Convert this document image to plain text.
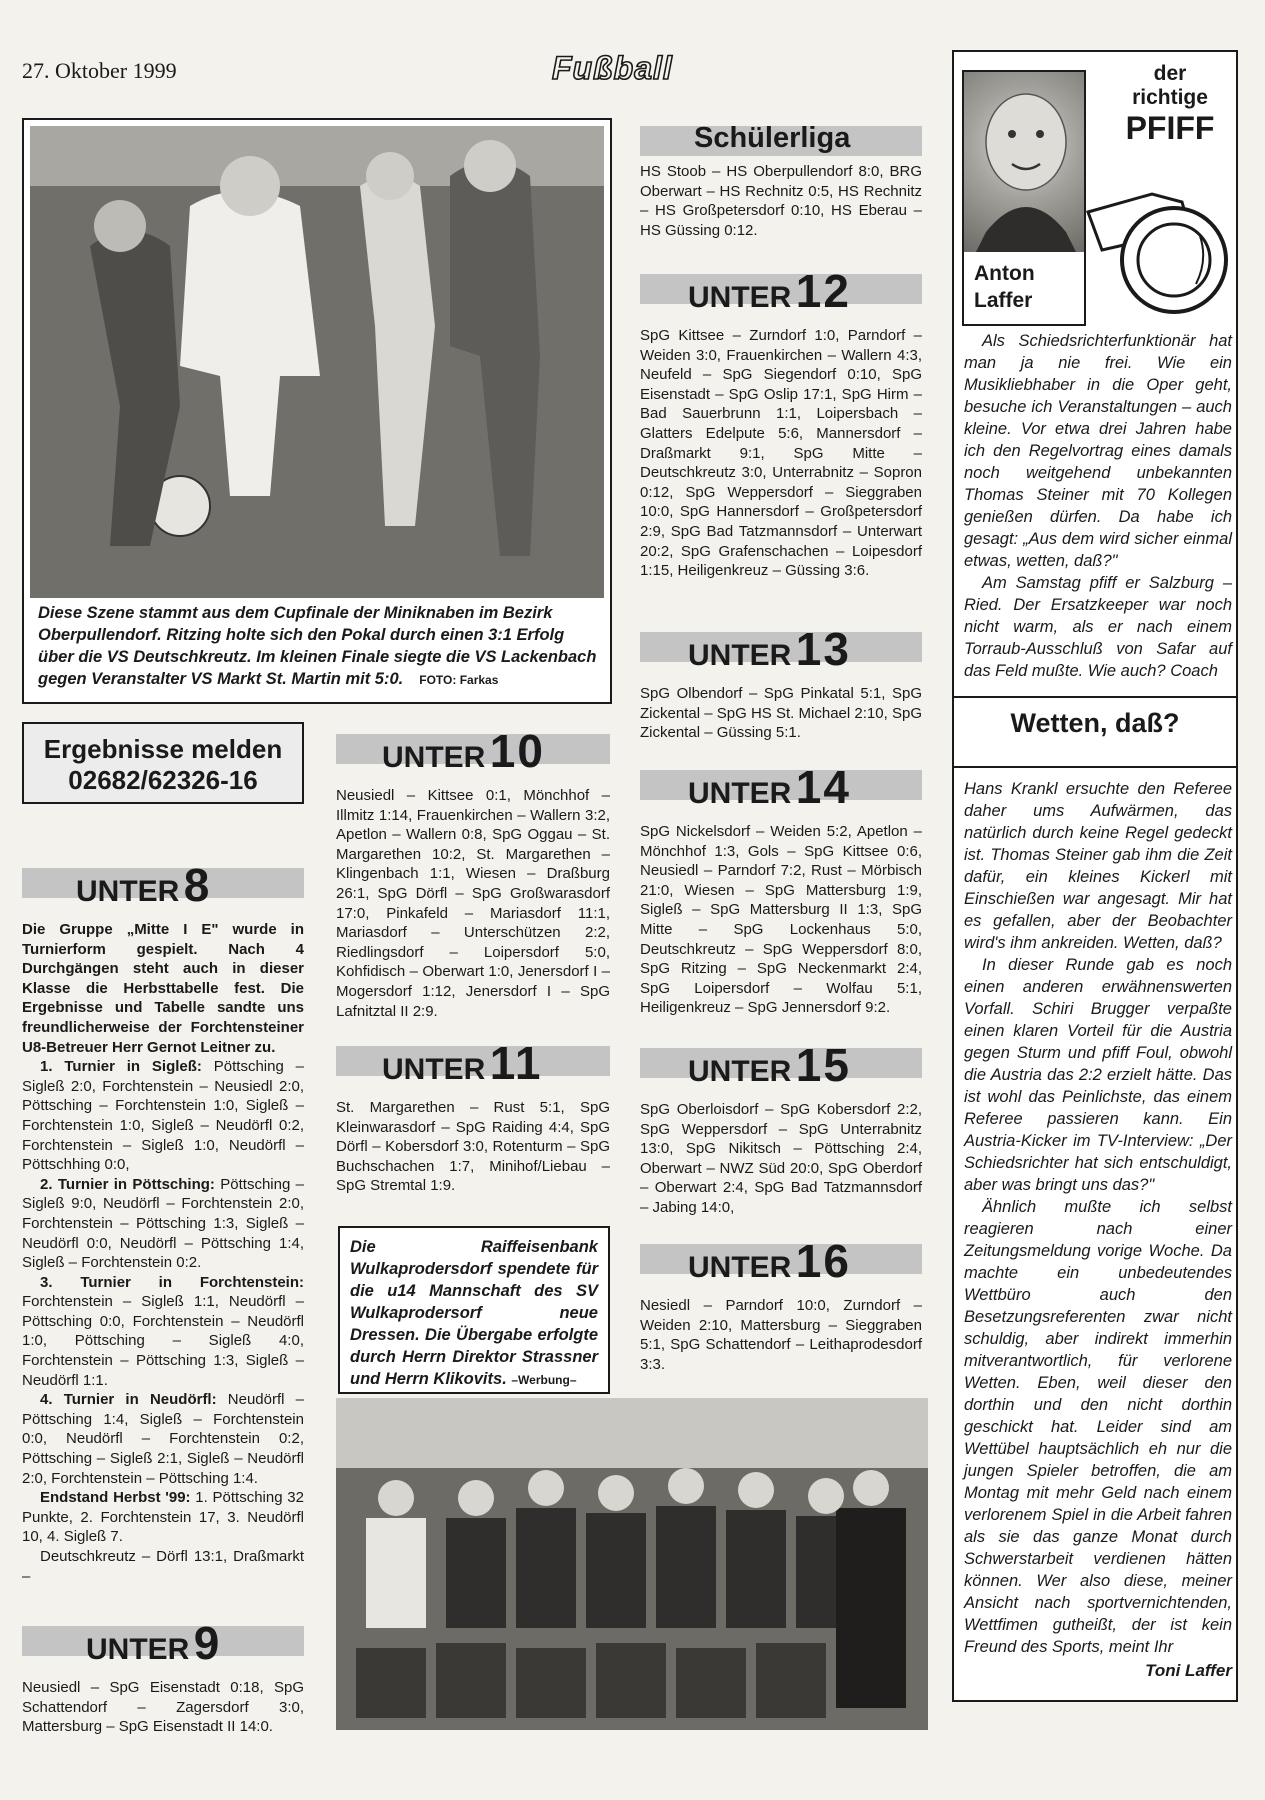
27. Oktober 1999	Fußball
Diese Szene stammt aus dem Cupfinale der Miniknaben im Bezirk Oberpullendorf. Ritzing holte sich den Pokal durch einen 3:1 Erfolg über die VS Deutschkreutz. Im kleinen Finale siegte die VS Lackenbach gegen Veranstalter VS Markt St. Martin mit 5:0. FOTO: Farkas
Ergebnisse melden
02682/62326-16
UNTER 8

Die Gruppe „Mitte I E" wurde in Turnierform gespielt. Nach 4 Durchgängen steht auch in dieser Klasse die Herbsttabelle fest. Die Ergebnisse und Tabelle sandte uns freundlicherweise der Forchtensteiner U8-Betreuer Herr Gernot Leitner zu.

1. Turnier in Sigleß: Pöttsching – Sigleß 2:0, Forchtenstein – Neusiedl 2:0, Pöttsching – Forchtenstein 1:0, Sigleß – Forchtenstein 1:0, Sigleß – Neudörfl 0:2, Forchtenstein – Sigleß 1:0, Neudörfl – Pöttschhing 0:0,

2. Turnier in Pöttsching: Pöttsching – Sigleß 9:0, Neudörfl – Forchtenstein 2:0, Forchtenstein – Pöttsching 1:3, Sigleß – Neudörfl 0:0, Neudörfl – Pöttsching 1:4, Sigleß – Forchtenstein 0:2.

3. Turnier in Forchtenstein: Forchtenstein – Sigleß 1:1, Neudörfl – Pöttsching 0:0, Forchtenstein – Neudörfl 1:0, Pöttsching – Sigleß 4:0, Forchtenstein – Pöttsching 1:3, Sigleß – Neudörfl 1:1.

4. Turnier in Neudörfl: Neudörfl – Pöttsching 1:4, Sigleß – Forchtenstein 0:0, Neudörfl – Forchtenstein 0:2, Pöttsching – Sigleß 2:1, Sigleß – Neudörfl 2:0, Forchtenstein – Pöttsching 1:4.

Endstand Herbst '99: 1. Pöttsching 32 Punkte, 2. Forchtenstein 17, 3. Neudörfl 10, 4. Sigleß 7.

Deutschkreutz – Dörfl 13:1, Draßmarkt –

UNTER 9
Neusiedl – SpG Eisenstadt 0:18, SpG Schattendorf – Zagersdorf 3:0, Mattersburg – SpG Eisenstadt II 14:0.
UNTER 10
Neusiedl – Kittsee 0:1, Mönchhof – Illmitz 1:14, Frauenkirchen – Wallern 3:2, Apetlon – Wallern 0:8, SpG Oggau – St. Margarethen 10:2, St. Margarethen – Klingenbach 1:1, Wiesen – Draßburg 26:1, SpG Dörfl – SpG Großwarasdorf 17:0, Pinkafeld – Mariasdorf 11:1, Mariasdorf – Unterschützen 2:2, Riedlingsdorf – Loipersdorf 5:0, Kohfidisch – Oberwart 1:0, Jenersdorf I – Mogersdorf 1:12, Jenersdorf I – SpG Lafnitztal II 2:9.
UNTER 11
St. Margarethen – Rust 5:1, SpG Kleinwarasdorf – SpG Raiding 4:4, SpG Dörfl – Kobersdorf 3:0, Rotenturm – SpG Buchschachen 1:7, Minihof/Liebau – SpG Stremtal 1:9.
Die Raiffeisenbank Wulkaprodersdorf spendete für die u14 Mannschaft des SV Wulkaprodersorf neue Dressen. Die Übergabe erfolgte durch Herrn Direktor Strassner und Herrn Klikovits. –Werbung–
Schülerliga
HS Stoob – HS Oberpullendorf 8:0, BRG Oberwart – HS Rechnitz 0:5, HS Rechnitz – HS Großpetersdorf 0:10, HS Eberau – HS Güssing 0:12.
UNTER 12
SpG Kittsee – Zurndorf 1:0, Parndorf – Weiden 3:0, Frauenkirchen – Wallern 4:3, Neufeld – SpG Siegendorf 0:10, SpG Eisenstadt – SpG Oslip 17:1, SpG Hirm – Bad Sauerbrunn 1:1, Loipersbach – Glatters Edelpute 5:6, Mannersdorf – Draßmarkt 9:1, SpG Mitte – Deutschkreutz 3:0, Unterrabnitz – Sopron 0:12, SpG Weppersdorf – Sieggraben 10:0, SpG Hannersdorf – Großpetersdorf 2:9, SpG Bad Tatzmannsdorf – Unterwart 20:2, SpG Grafenschachen – Loipesdorf 1:15, Heiligenkreuz – Güssing 3:6.
UNTER 13
SpG Olbendorf – SpG Pinkatal 5:1, SpG Zickental – SpG HS St. Michael 2:10, SpG Zickental – Güssing 5:1.
UNTER 14
SpG Nickelsdorf – Weiden 5:2, Apetlon – Mönchhof 1:3, Gols – SpG Kittsee 0:6, Neusiedl – Parndorf 7:2, Rust – Mörbisch 21:0, Wiesen – SpG Mattersburg 1:9, Sigleß – SpG Mattersburg II 1:3, SpG Mitte – SpG Lockenhaus 5:0, Deutschkreutz – SpG Weppersdorf 8:0, SpG Ritzing – SpG Neckenmarkt 2:4, SpG Loipersdorf – Wolfau 5:1, Heiligenkreuz – SpG Jennersdorf 9:2.
UNTER 15
SpG Oberloisdorf – SpG Kobersdorf 2:2, SpG Weppersdorf – SpG Unterrabnitz 13:0, SpG Nikitsch – Pöttsching 2:4, Oberwart – NWZ Süd 20:0, SpG Oberdorf – Oberwart 2:4, SpG Bad Tatzmannsdorf – Jabing 14:0,
UNTER 16
Nesiedl – Parndorf 10:0, Zurndorf – Weiden 2:10, Mattersburg – Sieggraben 5:1, SpG Schattendorf – Leithaprodesdorf 3:3.
Anton
Laffer
der
richtige
PFIFF

Als Schiedsrichterfunktionär hat man ja nie frei. Wie ein Musikliebhaber in die Oper geht, besuche ich Veranstaltungen – auch kleine. Vor etwa drei Jahren habe ich den Regelvortrag eines damals noch weitgehend unbekannten Thomas Steiner mit 70 Kollegen genießen dürfen. Da habe ich gesagt: „Aus dem wird sicher einmal etwas, wetten, daß?"

Am Samstag pfiff er Salzburg – Ried. Der Ersatzkeeper war noch nicht warm, als er nach einem Torraub-Ausschluß von Safar auf das Feld mußte. Wie auch? Coach

Wetten, daß?

Hans Krankl ersuchte den Referee daher ums Aufwärmen, das natürlich durch keine Regel gedeckt ist. Thomas Steiner gab ihm die Zeit dafür, ein kleines Kickerl mit Einschießen war angesagt. Mir hat es gefallen, aber der Beobachter wird's ihm ankreiden. Wetten, daß?

In dieser Runde gab es noch einen anderen erwähnenswerten Vorfall. Schiri Brugger verpaßte einen klaren Vorteil für die Austria gegen Sturm und pfiff Foul, obwohl die Austria das 2:2 erzielt hätte. Das ist wohl das Peinlichste, das einem Referee passieren kann. Ein Austria-Kicker im TV-Interview: „Der Schiedsrichter hat sich entschuldigt, aber was bringt uns das?"

Ähnlich mußte ich selbst reagieren nach einer Zeitungsmeldung vorige Woche. Da machte ein unbedeutendes Wettbüro auch den Besetzungsreferenten zwar nicht schuldig, aber indirekt immerhin mitverantwortlich, für verlorene Wetten. Eben, weil dieser den dorthin und den nicht dorthin geschickt hat. Leider sind am Wettübel hauptsächlich eh nur die jungen Spieler betroffen, die am Montag mit mehr Geld nach einem verlorenem Spiel in die Arbeit fahren als sie das ganze Monat durch Schwerstarbeit verdienen hätten können. Wer also diese, meiner Ansicht nach sportvernichtenden, Wettfimen gutheißt, der ist kein Freund des Sports, meint Ihr

Toni Laffer
